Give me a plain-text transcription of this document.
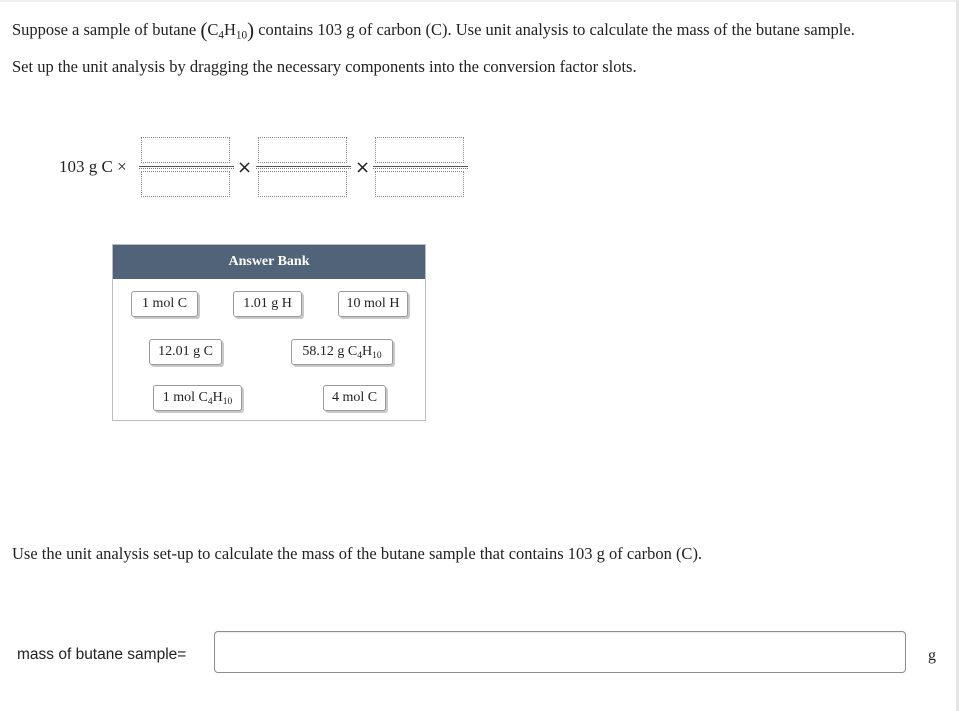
Suppose a sample of butane $(C_4H_{10})$ contains 103 g of carbon (C). Use unit analysis to calculate the mass of the butane sample.
Set up the unit analysis by dragging the necessary components into the conversion factor slots.
103 g C ×	×	×
Answer Bank
1 mol C	1.01 g H	10 mol H
12.01 g C	58.12 g $C_4H_{10}$
1 mol $C_4H_{10}$	4 mol C
Use the unit analysis set-up to calculate the mass of the butane sample that contains 103 g of carbon (C).
mass of butane sample=	g
